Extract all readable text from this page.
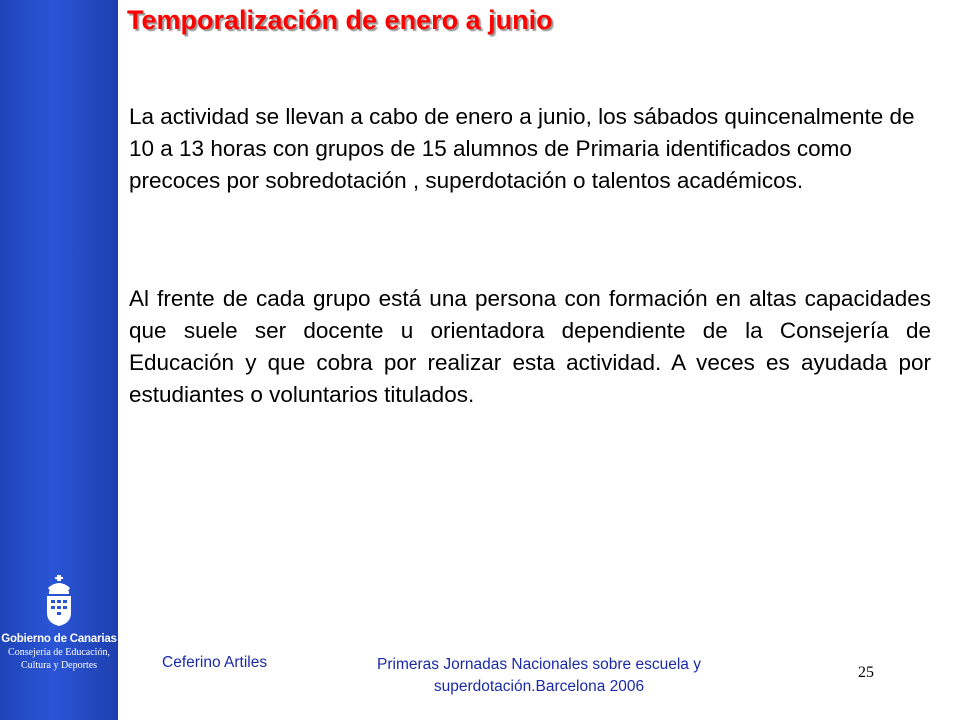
Gobierno de Canarias
Consejería de Educación,
Cultura y Deportes
Temporalización de enero a junio

La actividad se llevan a cabo de enero a junio, los sábados quincenalmente de 10 a 13 horas con grupos de 15 alumnos de Primaria identificados como precoces por sobredotación , superdotación o talentos académicos.

Al frente de cada grupo está una persona con formación en altas capacidades que suele ser docente u orientadora dependiente de la Consejería de Educación y que cobra por realizar esta actividad. A veces es ayudada por estudiantes o voluntarios titulados.

Ceferino Artiles	Primeras Jornadas Nacionales sobre escuela y superdotación.Barcelona 2006
25
